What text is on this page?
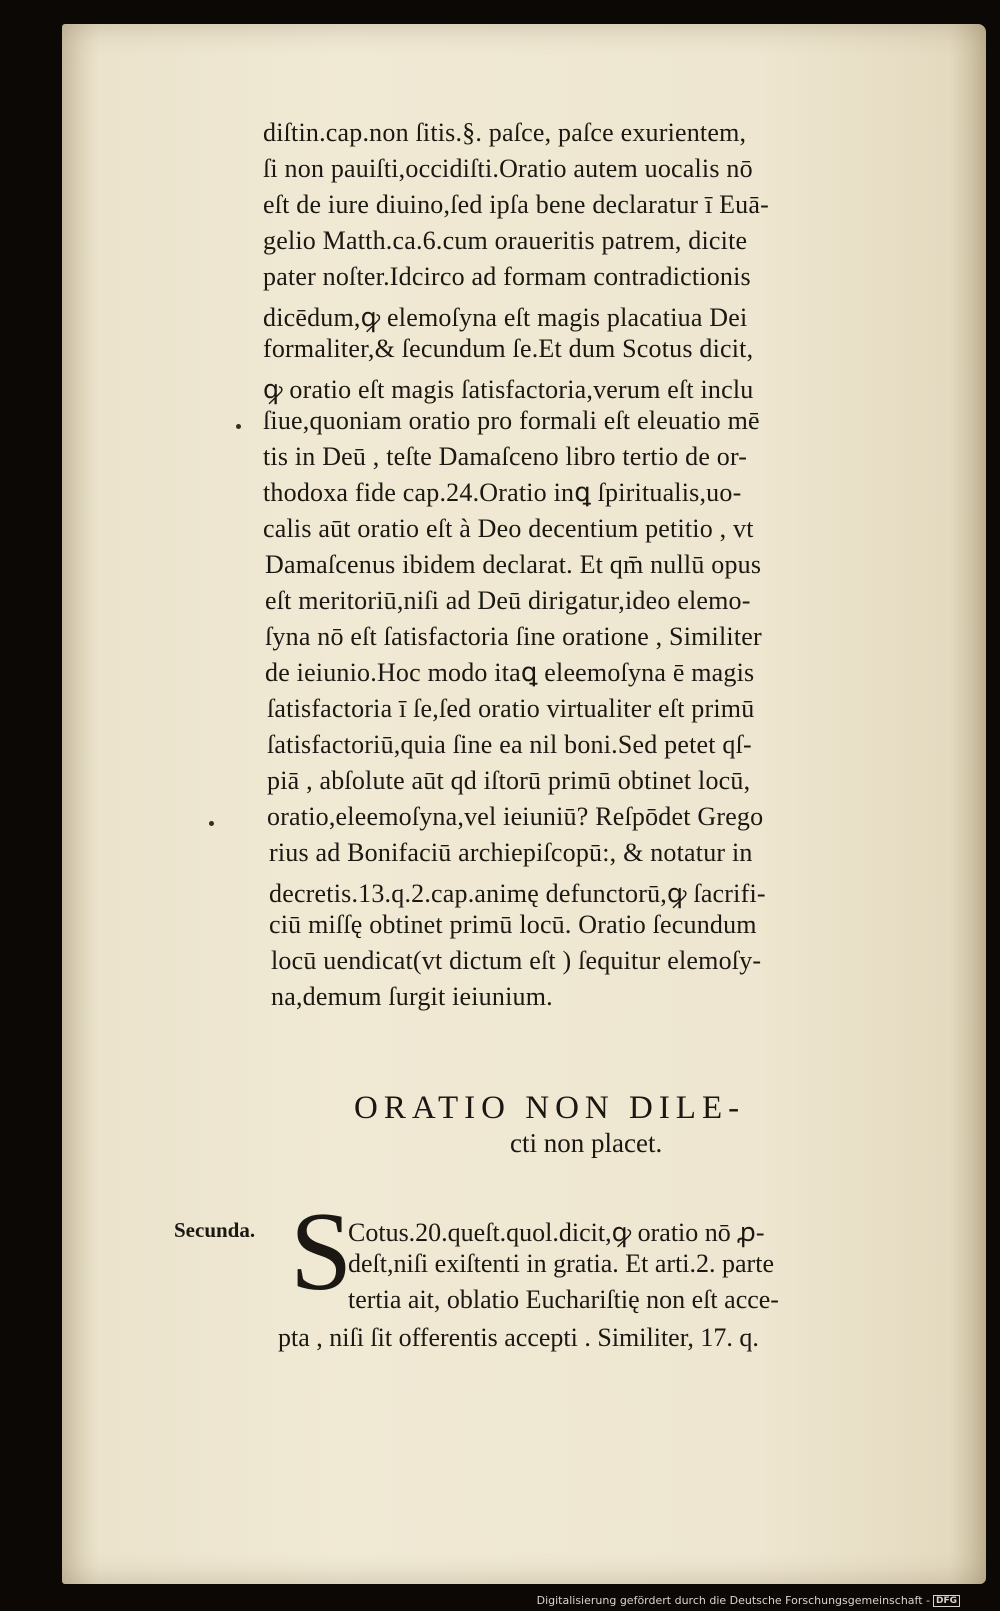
diſtin.cap.non ſitis.§. paſce, paſce exurientem,
ſi non pauiſti,occidiſti.Oratio autem uocalis nō
eſt de iure diuino,ſed ipſa bene declaratur ī Euā-
gelio Matth.ca.6.cum oraueritis patrem, dicite
pater noſter.Idcirco ad formam contradictionis
dicēdum,ꝙ elemoſyna eſt magis placatiua Dei
formaliter,& ſecundum ſe.Et dum Scotus dicit,
ꝙ oratio eſt magis ſatisfactoria,verum eſt inclu
ſiue,quoniam oratio pro formali eſt eleuatio mē
tis in Deū , teſte Damaſceno libro tertio de or-
thodoxa fide cap.24.Oratio inꝗ ſpiritualis,uo-
calis aūt oratio eſt à Deo decentium petitio , vt
Damaſcenus ibidem declarat. Et qm̄ nullū opus
eſt meritoriū,niſi ad Deū dirigatur,ideo elemo-
ſyna nō eſt ſatisfactoria ſine oratione , Similiter
de ieiunio.Hoc modo itaꝗ eleemoſyna ē magis
ſatisfactoria ī ſe,ſed oratio virtualiter eſt primū
ſatisfactoriū,quia ſine ea nil boni.Sed petet qſ-
piā , abſolute aūt qd iſtorū primū obtinet locū,
oratio,eleemoſyna,vel ieiuniū? Reſpōdet Grego
rius ad Bonifaciū archiepiſcopū:, & notatur in
decretis.13.q.2.cap.animę defunctorū,ꝙ ſacrifi-
ciū miſſę obtinet primū locū. Oratio ſecundum
locū uendicat(vt dictum eſt ) ſequitur elemoſy-
na,demum ſurgit ieiunium.
ORATIO NON DILE-
cti non placet.
Secunda. S
Cotus.20.queſt.quol.dicit,ꝙ oratio nō ꝓ-
deſt,niſi exiſtenti in gratia. Et arti.2. parte
tertia ait, oblatio Euchariſtię non eſt acce-
pta , niſi ſit offerentis accepti . Similiter, 17. q.
Digitalisierung gefördert durch die Deutsche Forschungsgemeinschaft - DFG
